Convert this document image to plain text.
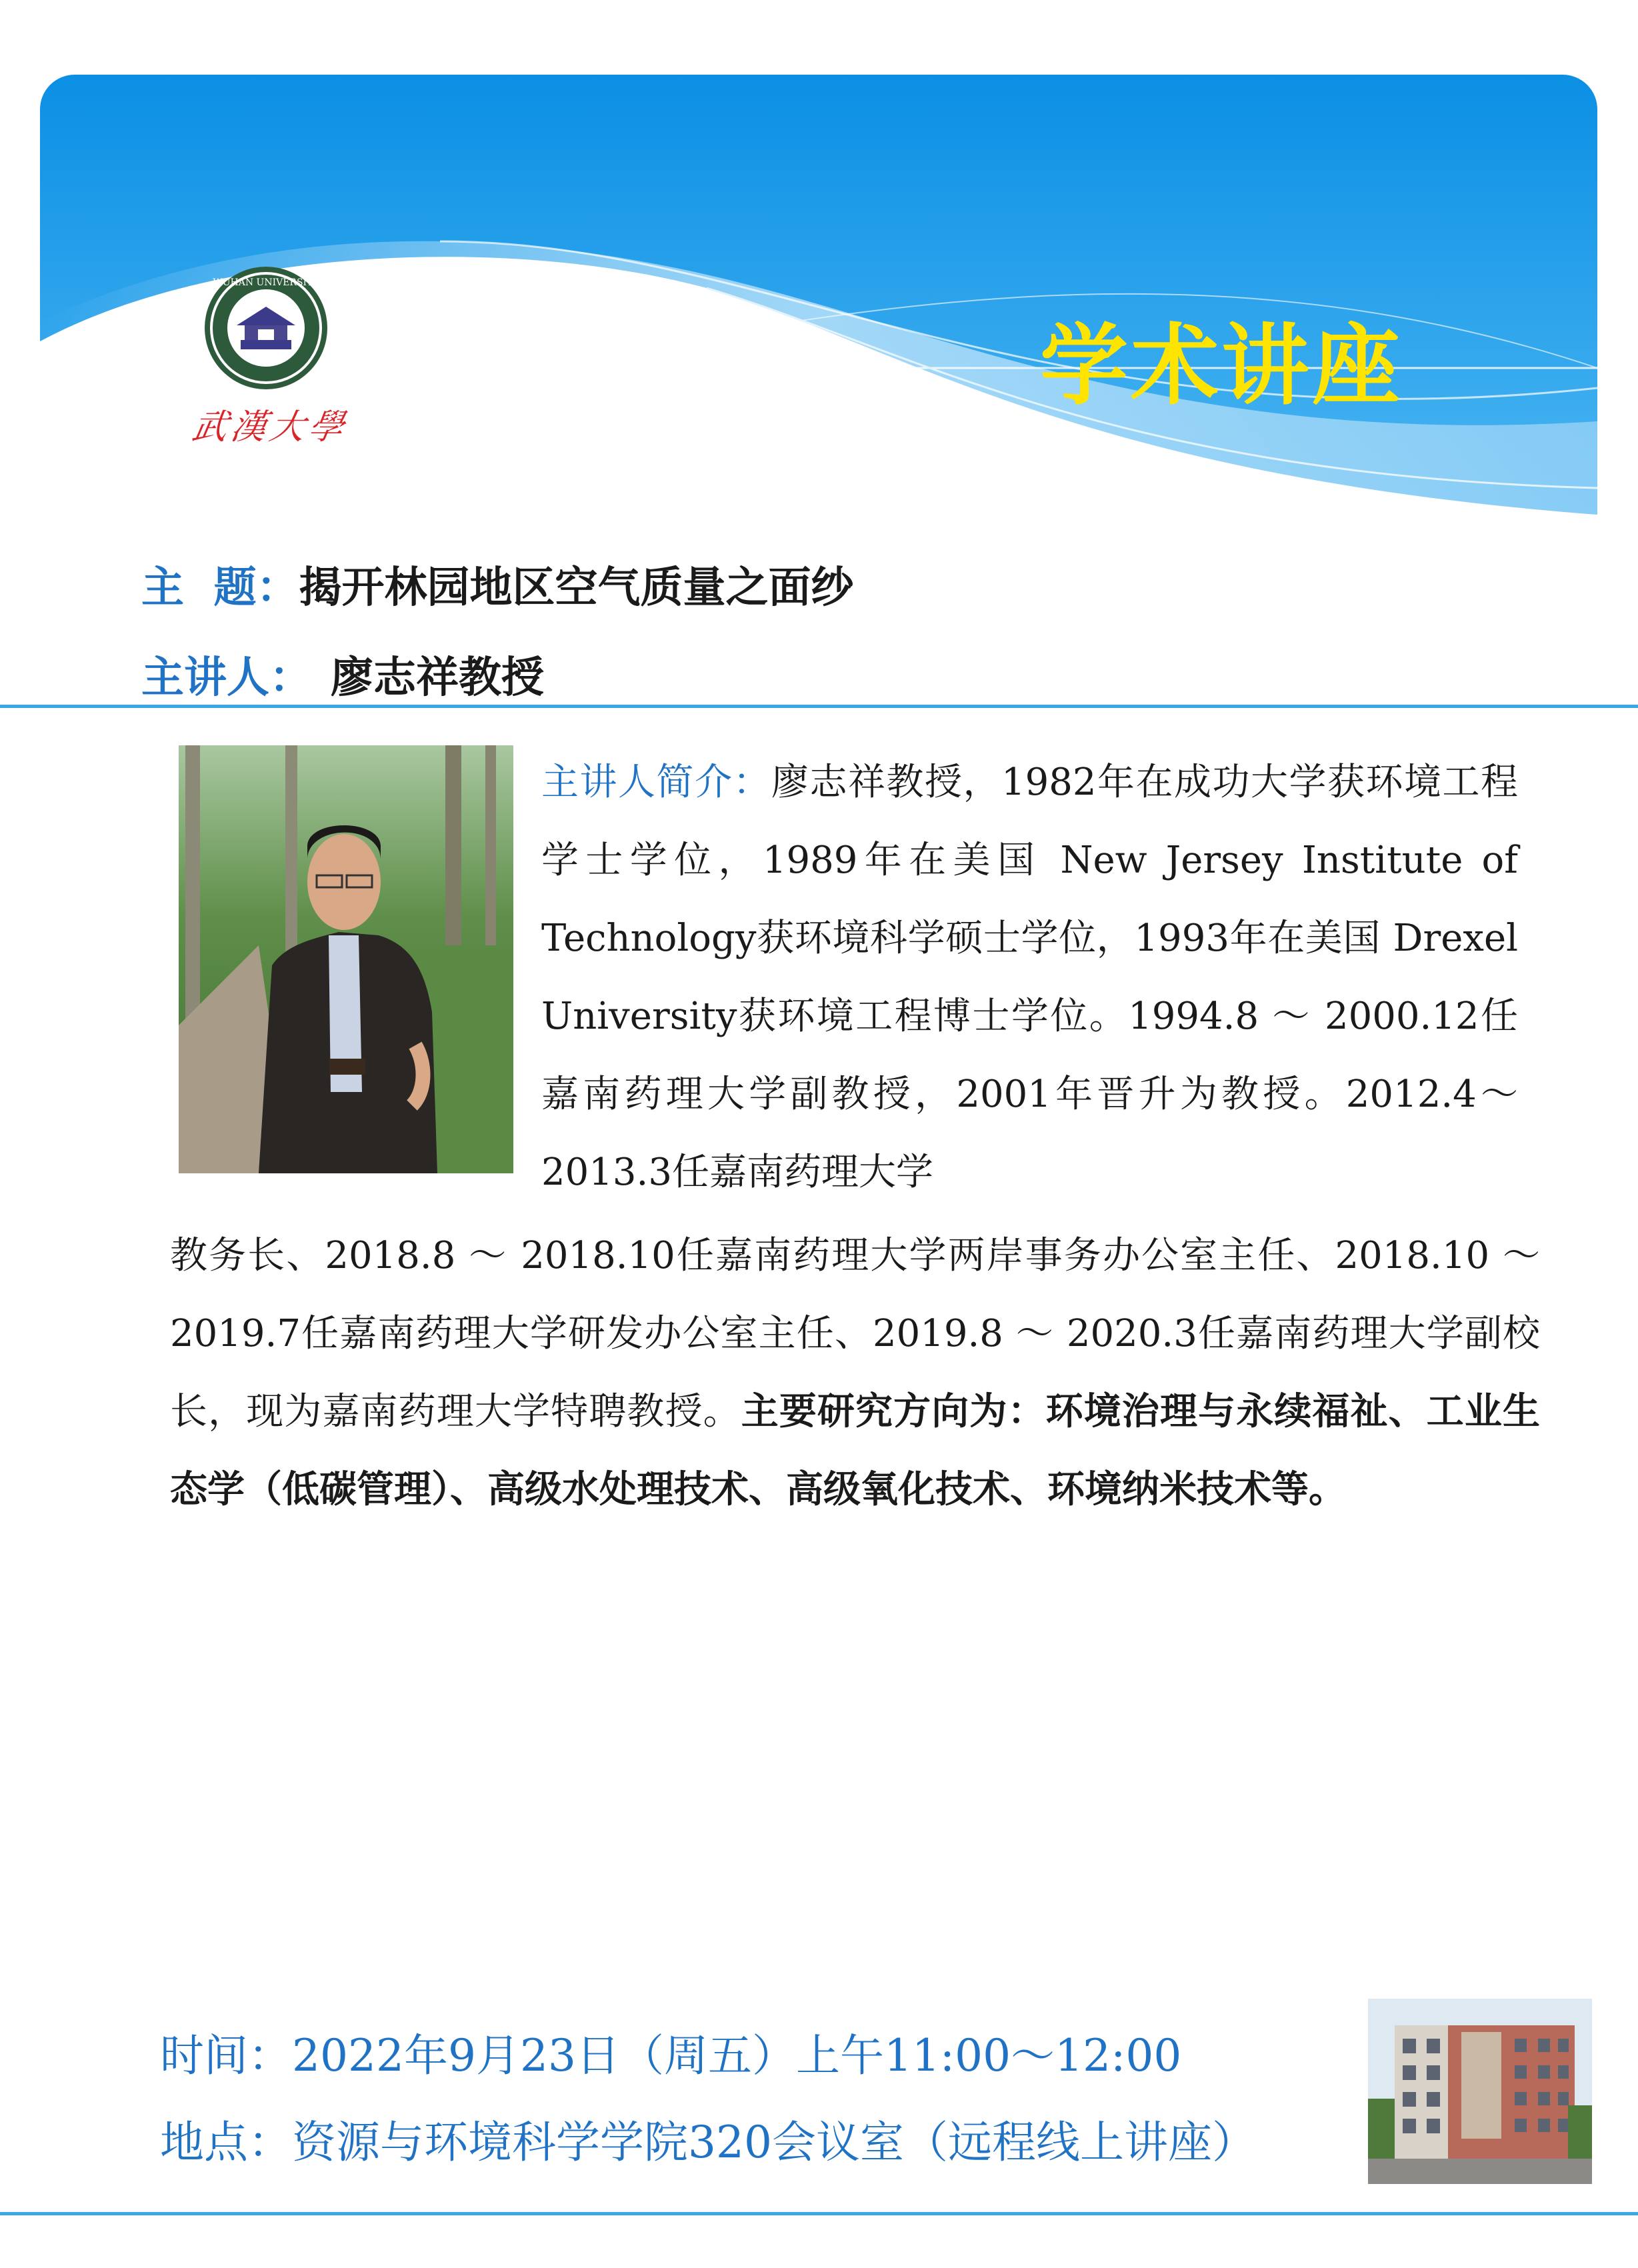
学术讲座
WUHAN UNIVERSITY
武漢大學
主  题：揭开林园地区空气质量之面纱
主讲人： 廖志祥教授
主讲人简介：廖志祥教授，1982年在成功大学获环境工程学士学位，1989年在美国 New Jersey Institute of Technology获环境科学硕士学位，1993年在美国 Drexel University获环境工程博士学位。1994.8 ～ 2000.12任嘉南药理大学副教授，2001年晋升为教授。2012.4～2013.3任嘉南药理大学
教务长、2018.8 ～ 2018.10任嘉南药理大学两岸事务办公室主任、2018.10 ～ 2019.7任嘉南药理大学研发办公室主任、2019.8 ～ 2020.3任嘉南药理大学副校长，现为嘉南药理大学特聘教授。主要研究方向为：环境治理与永续福祉、工业生态学（低碳管理）、高级水处理技术、高级氧化技术、环境纳米技术等。
时间：2022年9月23日（周五）上午11:00～12:00
地点：资源与环境科学学院320会议室（远程线上讲座）
